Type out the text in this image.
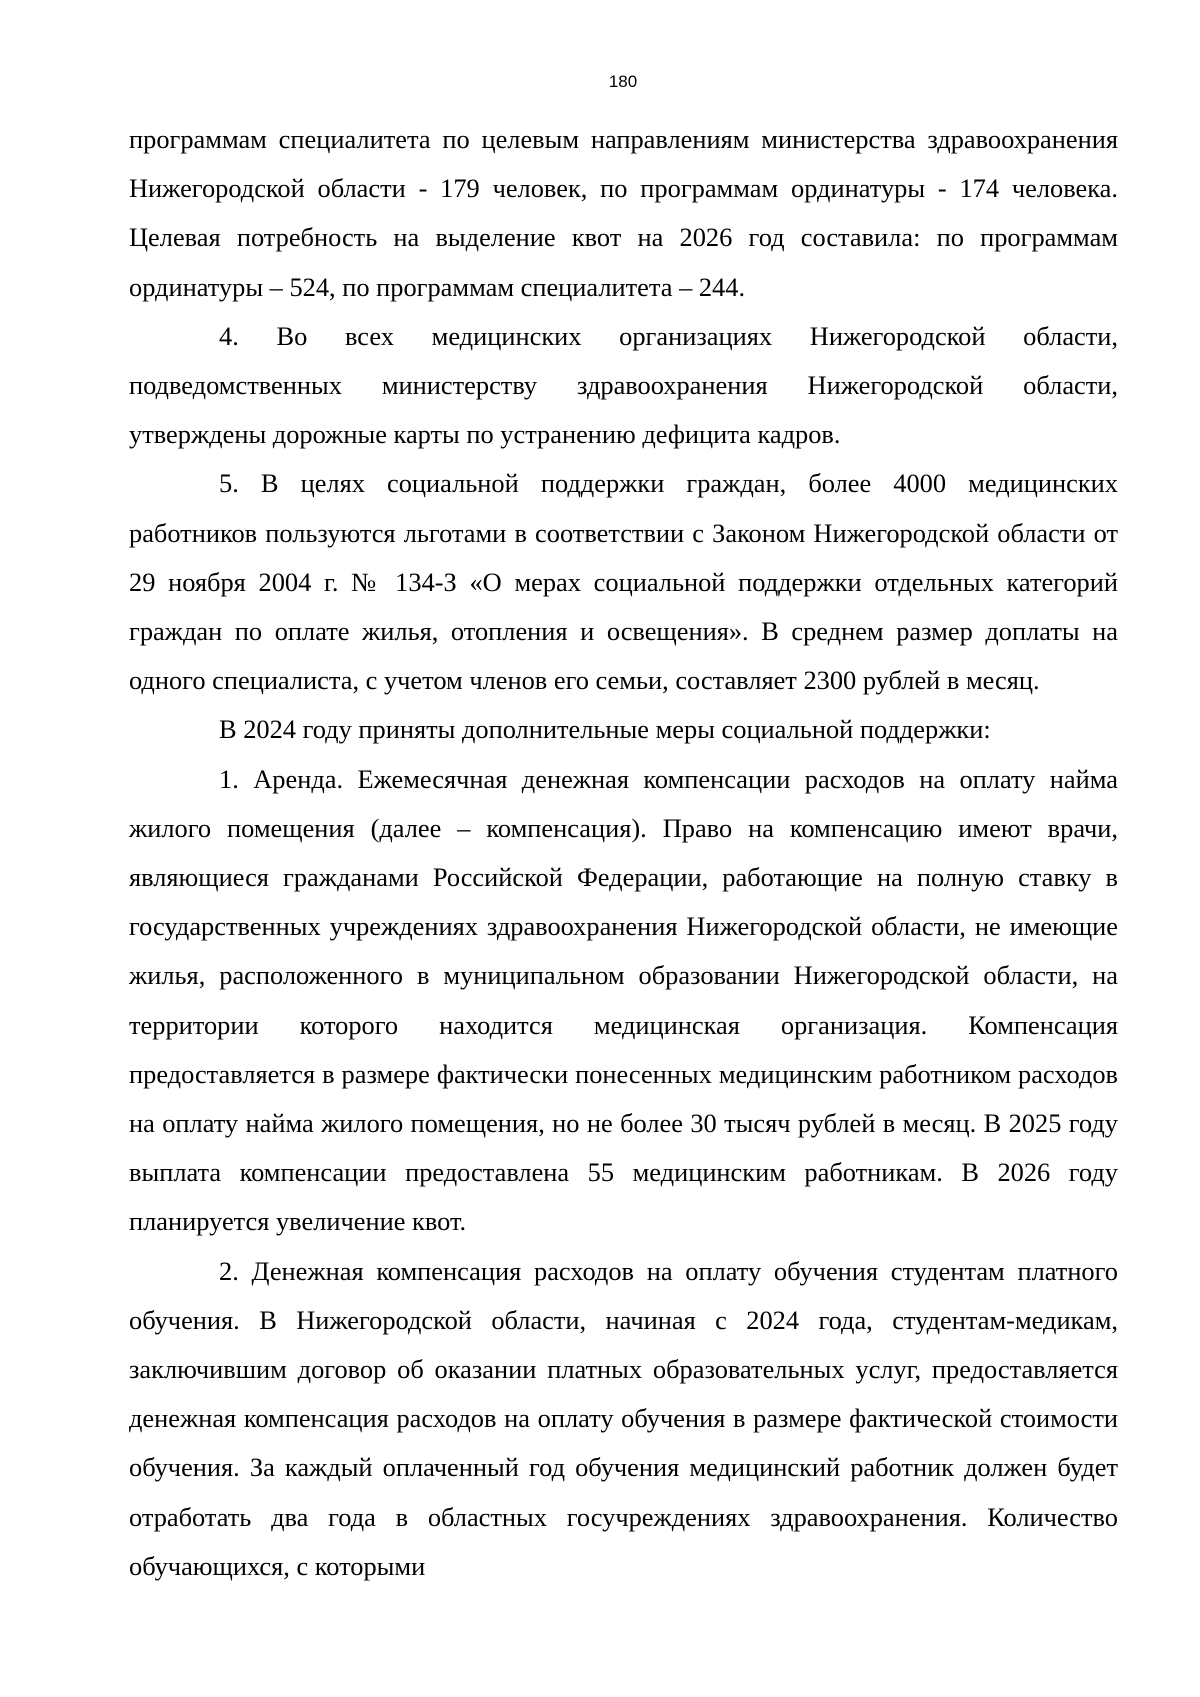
180

программам специалитета по целевым направлениям министерства здравоохранения Нижегородской области - 179 человек, по программам ординатуры - 174 человека. Целевая потребность на выделение квот на 2026 год составила: по программам ординатуры – 524, по программам специалитета – 244.

4. Во всех медицинских организациях Нижегородской области, подведомственных министерству здравоохранения Нижегородской области, утверждены дорожные карты по устранению дефицита кадров.

5. В целях социальной поддержки граждан, более 4000 медицинских работников пользуются льготами в соответствии с Законом Нижегородской области от 29 ноября 2004 г. № 134-З «О мерах социальной поддержки отдельных категорий граждан по оплате жилья, отопления и освещения». В среднем размер доплаты на одного специалиста, с учетом членов его семьи, составляет 2300 рублей в месяц.

В 2024 году приняты дополнительные меры социальной поддержки:

1. Аренда. Ежемесячная денежная компенсации расходов на оплату найма жилого помещения (далее – компенсация). Право на компенсацию имеют врачи, являющиеся гражданами Российской Федерации, работающие на полную ставку в государственных учреждениях здравоохранения Нижегородской области, не имеющие жилья, расположенного в муниципальном образовании Нижегородской области, на территории которого находится медицинская организация. Компенсация предоставляется в размере фактически понесенных медицинским работником расходов на оплату найма жилого помещения, но не более 30 тысяч рублей в месяц. В 2025 году выплата компенсации предоставлена 55 медицинским работникам. В 2026 году планируется увеличение квот.

2. Денежная компенсация расходов на оплату обучения студентам платного обучения. В Нижегородской области, начиная с 2024 года, студентам-медикам, заключившим договор об оказании платных образовательных услуг, предоставляется денежная компенсация расходов на оплату обучения в размере фактической стоимости обучения. За каждый оплаченный год обучения медицинский работник должен будет отработать два года в областных госучреждениях здравоохранения. Количество обучающихся, с которыми
